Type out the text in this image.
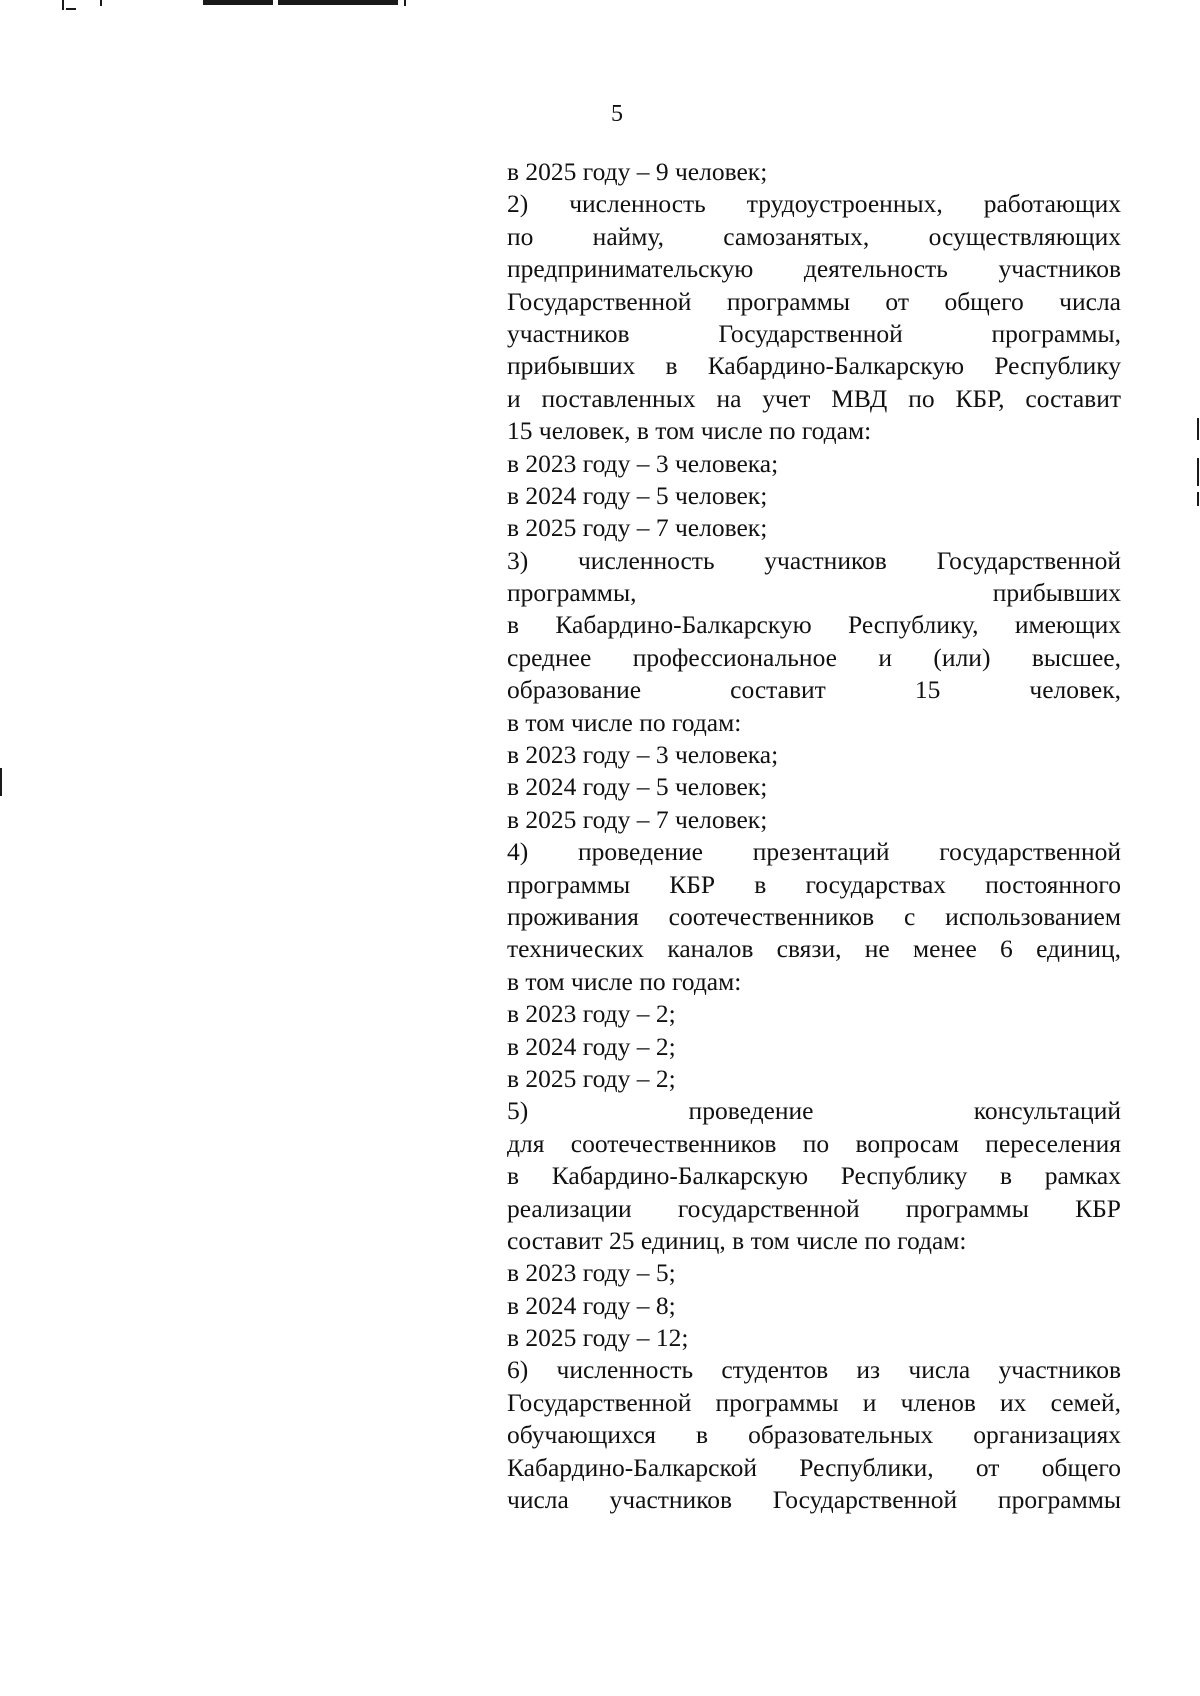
5
в 2025 году – 9 человек;
2) численность трудоустроенных, работающих
по найму, самозанятых, осуществляющих
предпринимательскую деятельность участников
Государственной программы от общего числа
участников Государственной программы,
прибывших в Кабардино-Балкарскую Республику
и поставленных на учет МВД по КБР, составит
15 человек, в том числе по годам:
в 2023 году – 3 человека;
в 2024 году – 5 человек;
в 2025 году – 7 человек;
3) численность участников Государственной
программы, прибывших
в Кабардино-Балкарскую Республику, имеющих
среднее профессиональное и (или) высшее,
образование составит 15 человек,
в том числе по годам:
в 2023 году – 3 человека;
в 2024 году – 5 человек;
в 2025 году – 7 человек;
4) проведение презентаций государственной
программы КБР в государствах постоянного
проживания соотечественников с использованием
технических каналов связи, не менее 6 единиц,
в том числе по годам:
в 2023 году – 2;
в 2024 году – 2;
в 2025 году – 2;
5) проведение консультаций
для соотечественников по вопросам переселения
в Кабардино-Балкарскую Республику в рамках
реализации государственной программы КБР
составит 25 единиц, в том числе по годам:
в 2023 году – 5;
в 2024 году – 8;
в 2025 году – 12;
6) численность студентов из числа участников
Государственной программы и членов их семей,
обучающихся в образовательных организациях
Кабардино-Балкарской Республики, от общего
числа участников Государственной программы
